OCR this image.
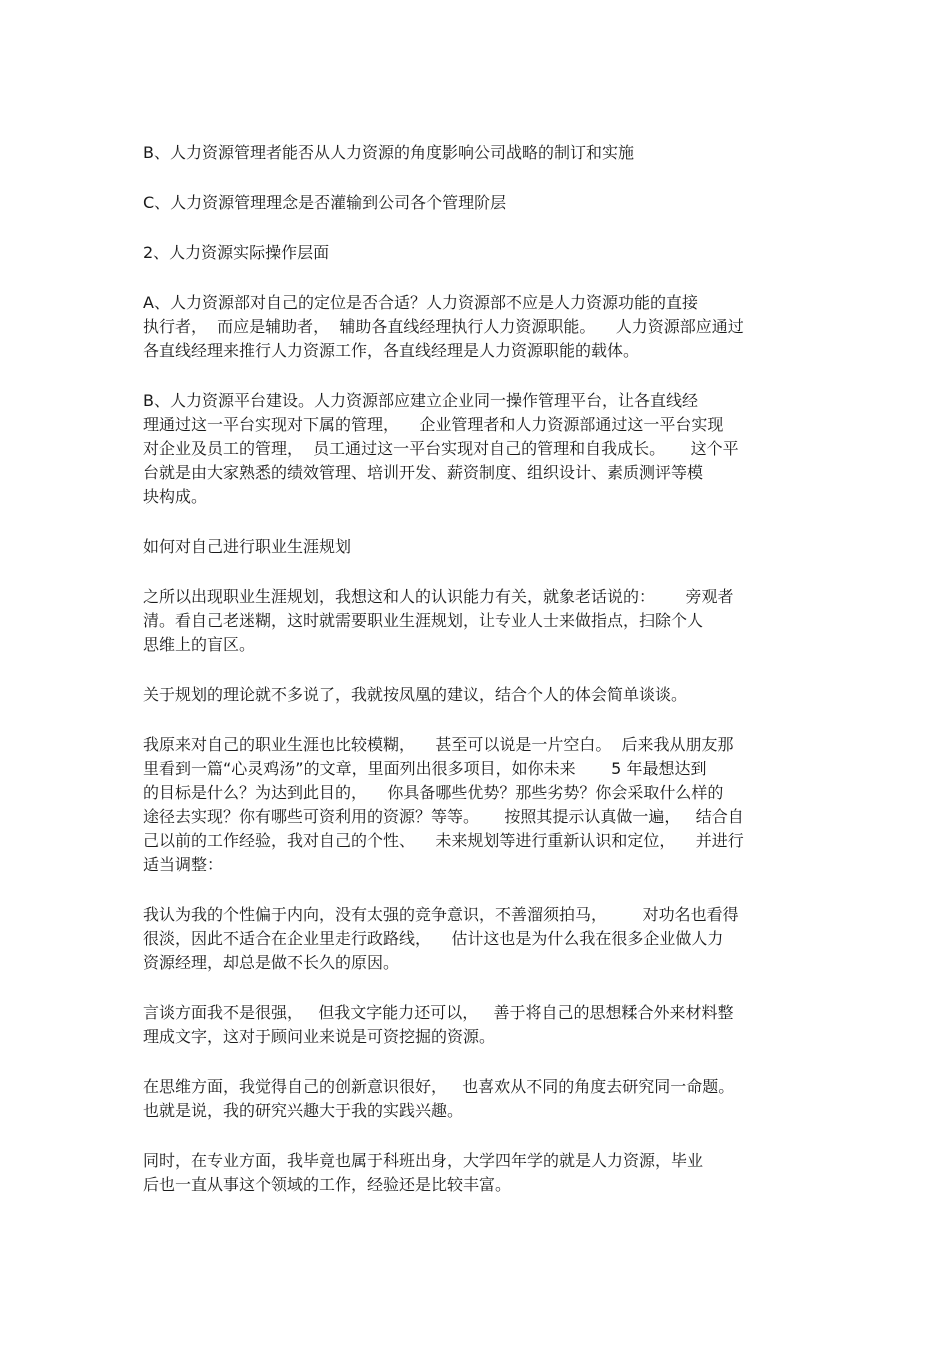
B、人力资源管理者能否从人力资源的角度影响公司战略的制订和实施

C、人力资源管理理念是否灌输到公司各个管理阶层

2、人力资源实际操作层面

A、人力资源部对自己的定位是否合适？人力资源部不应是人力资源功能的直接
执行者，  而应是辅助者，  辅助各直线经理执行人力资源职能。    人力资源部应通过
各直线经理来推行人力资源工作，各直线经理是人力资源职能的载体。

B、人力资源平台建设。人力资源部应建立企业同一操作管理平台，让各直线经
理通过这一平台实现对下属的管理，    企业管理者和人力资源部通过这一平台实现
对企业及员工的管理，  员工通过这一平台实现对自己的管理和自我成长。     这个平
台就是由大家熟悉的绩效管理、培训开发、薪资制度、组织设计、素质测评等模
块构成。

如何对自己进行职业生涯规划

之所以出现职业生涯规划，我想这和人的认识能力有关，就象老话说的：      旁观者
清。看自己老迷糊，这时就需要职业生涯规划，让专业人士来做指点，扫除个人
思维上的盲区。

关于规划的理论就不多说了，我就按凤凰的建议，结合个人的体会简单谈谈。

我原来对自己的职业生涯也比较模糊，    甚至可以说是一片空白。  后来我从朋友那
里看到一篇“心灵鸡汤”的文章，里面列出很多项目，如你未来       5 年最想达到
的目标是什么？为达到此目的，    你具备哪些优势？那些劣势？你会采取什么样的
途径去实现？你有哪些可资利用的资源？等等。     按照其提示认真做一遍，   结合自
己以前的工作经验，我对自己的个性、    未来规划等进行重新认识和定位，    并进行
适当调整：

我认为我的个性偏于内向，没有太强的竞争意识，不善溜须拍马，       对功名也看得
很淡，因此不适合在企业里走行政路线，    估计这也是为什么我在很多企业做人力
资源经理，却总是做不长久的原因。

言谈方面我不是很强，   但我文字能力还可以，   善于将自己的思想糅合外来材料整
理成文字，这对于顾问业来说是可资挖掘的资源。

在思维方面，我觉得自己的创新意识很好，   也喜欢从不同的角度去研究同一命题。
也就是说，我的研究兴趣大于我的实践兴趣。

同时，在专业方面，我毕竟也属于科班出身，大学四年学的就是人力资源，毕业
后也一直从事这个领域的工作，经验还是比较丰富。
